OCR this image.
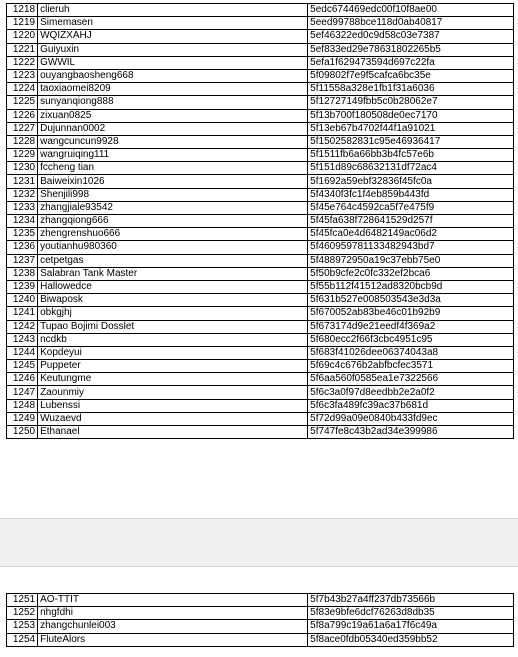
1218	clieruh	5edc674469edc00f10f8ae00
1219	Simemasen	5eed99788bce118d0ab40817
1220	WQIZXAHJ	5ef46322ed0c9d58c03e7387
1221	Guiyuxin	5ef833ed29e78631802265b5
1222	GWWIL	5efa1f629473594d697c22fa
1223	ouyangbaosheng668	5f09802f7e9f5cafca6bc35e
1224	taoxiaomei8209	5f11558a328e1fb1f31a6036
1225	sunyanqiong888	5f12727149fbb5c0b28062e7
1226	zixuan0825	5f13b700f180508de0ec7170
1227	Dujunnan0002	5f13eb67b4702f44f1a91021
1228	wangcuncun9928	5f1502582831c95e46936417
1229	wangruiqing111	5f1511fb6a66bb3b4fc57e6b
1230	fccheng tian	5f151d89c68632131df72ac4
1231	Baiweixin1026	5f1692a59ebf32836f45fc0a
1232	Shenjili998	5f4340f3fc1f4eb859b443fd
1233	zhangjiale93542	5f45e764c4592ca5f7e475f9
1234	zhangqiong666	5f45fa638f728641529d257f
1235	zhengrenshuo666	5f45fca0e4d6482149ac06d2
1236	youtianhu980360	5f460959781133482943bd7
1237	cetpetgas	5f488972950a19c37ebb75e0
1238	Salabran Tank Master	5f50b9cfe2c0fc332ef2bca6
1239	Hallowedce	5f55b112f41512ad8320bcb9d
1240	Biwaposk	5f631b527e008503543e3d3a
1241	obkgjhj	5f670052ab83be46c01b92b9
1242	Tupao Bojimi Dosslet	5f673174d9e21eedf4f369a2
1243	ncdkb	5f680ecc2f66f3cbc4951c95
1244	Kopdeyui	5f683f41026dee06374043a8
1245	Puppeter	5f69c4c676b2abfbcfec3571
1246	Keutungme	5f6aa560f0585ea1e7322566
1247	Zaounmiy	5f6c3a0f97d8eedbb2e2a0f2
1248	Lubenssi	5f6c3fa489fc39ac37b681d
1249	Wuzaevd	5f72d99a09e0840b433fd9ec
1250	Ethanael	5f747fe8c43b2ad34e399986
1251	AO-TTIT	5f7b43b27a4ff237db73566b
1252	nhgfdhi	5f83e9bfe6dcf76263d8db35
1253	zhangchunlei003	5f8a799c19a61a6a17f6c49a
1254	FluteAlors	5f8ace0fdb05340ed359bb52
